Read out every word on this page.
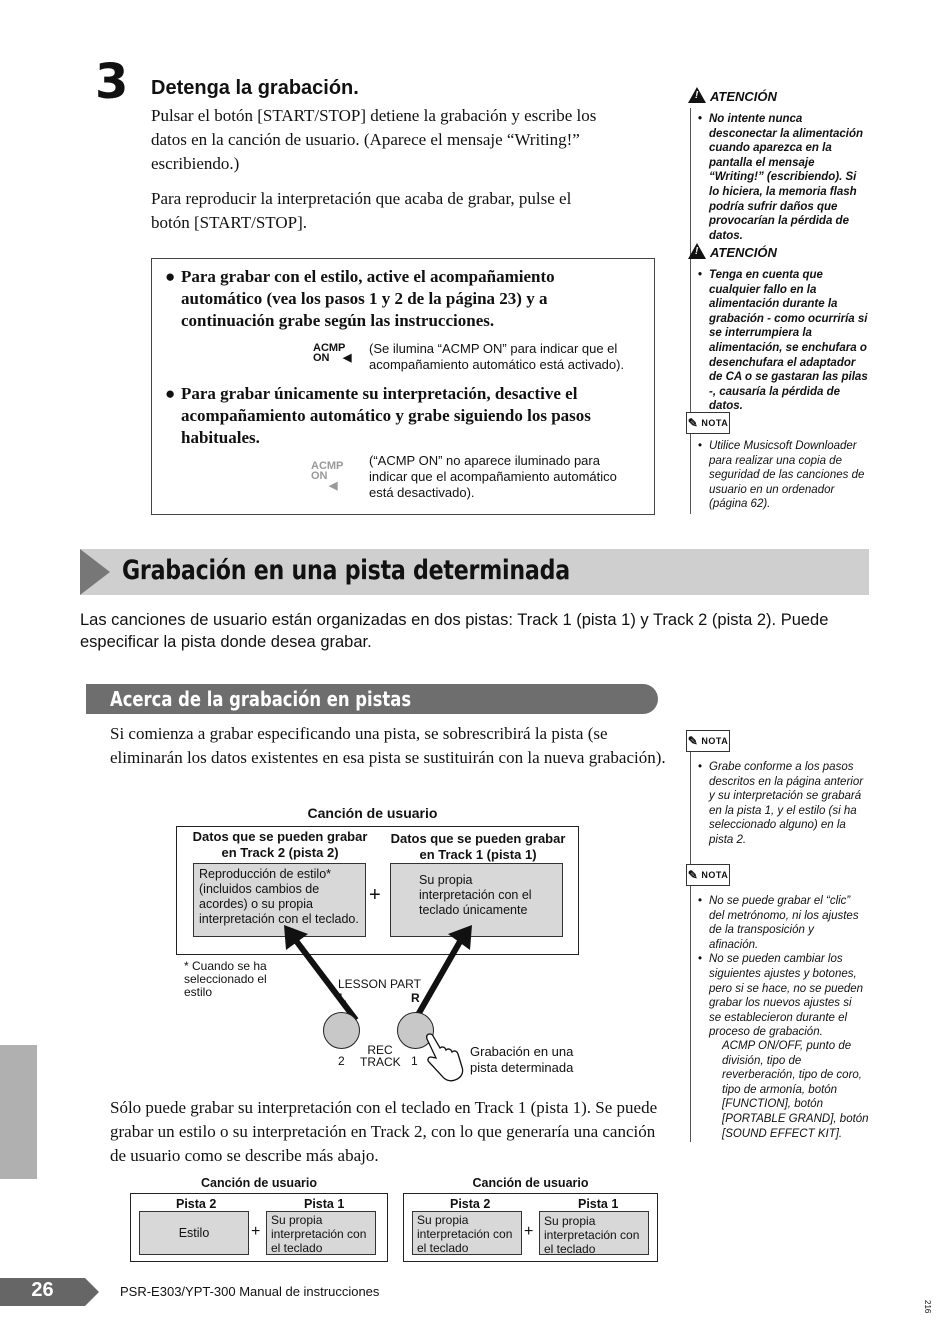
3 Detenga la grabación.
Pulsar el botón [START/STOP] detiene la grabación y escribe los datos en la canción de usuario. (Aparece el mensaje “Writing!” escribiendo.)
Para reproducir la interpretación que acaba de grabar, pulse el botón [START/STOP].
● Para grabar con el estilo, active el acompañamiento automático (vea los pasos 1 y 2 de la página 23) y a continuación grabe según las instrucciones.
ACMP
ON	◀
(Se ilumina “ACMP ON” para indicar que el acompañamiento automático está activado).
● Para grabar únicamente su interpretación, desactive el acompañamiento automático y grabe siguiendo los pasos habituales.
ACMP
ON
◀
(“ACMP ON” no aparece iluminado para indicar que el acompañamiento automático está desactivado).
!ATENCIÓN
• No intente nunca desconectar la alimentación cuando aparezca en la pantalla el mensaje “Writing!” (escribiendo). Si lo hiciera, la memoria flash podría sufrir daños que provocarían la pérdida de datos.
!ATENCIÓN
• Tenga en cuenta que cualquier fallo en la alimentación durante la grabación - como ocurriría si se interrumpiera la alimentación, se enchufara o desenchufara el adaptador de CA o se gastaran las pilas -, causaría la pérdida de datos.
✎ NOTA
• Utilice Musicsoft Downloader para realizar una copia de seguridad de las canciones de usuario en un ordenador (página 62).
Grabación en una pista determinada
Las canciones de usuario están organizadas en dos pistas: Track 1 (pista 1) y Track 2 (pista 2). Puede especificar la pista donde desea grabar.
Acerca de la grabación en pistas
Si comienza a grabar especificando una pista, se sobrescribirá la pista (se eliminarán los datos existentes en esa pista se sustituirán con la nueva grabación).
✎ NOTA
• Grabe conforme a los pasos descritos en la página anterior y su interpretación se grabará en la pista 1, y el estilo (si ha seleccionado alguno) en la pista 2.
✎ NOTA
• No se puede grabar el “clic” del metrónomo, ni los ajustes de la transposición y afinación.
• No se pueden cambiar los siguientes ajustes y botones, pero si se hace, no se pueden grabar los nuevos ajustes si se establecieron durante el proceso de grabación.
ACMP ON/OFF, punto de división, tipo de reverberación, tipo de coro, tipo de armonía, botón [FUNCTION], botón [PORTABLE GRAND], botón [SOUND EFFECT KIT].
Canción de usuario
Datos que se pueden grabar en Track 2 (pista 2)
Datos que se pueden grabar en Track 1 (pista 1)
Reproducción de estilo* (incluidos cambios de acordes) o su propia interpretación con el teclado.
+
Su propia interpretación con el teclado únicamente
* Cuando se ha seleccionado el estilo
LESSON PART
L	R
2
REC
TRACK 1
Grabación en una pista determinada
Sólo puede grabar su interpretación con el teclado en Track 1 (pista 1). Se puede grabar un estilo o su interpretación en Track 2, con lo que generaría una canción de usuario como se describe más abajo.
Canción de usuario
Pista 2	Pista 1
Estilo	+
Su propia interpretación con el teclado
Canción de usuario
Pista 2	Pista 1
Su propia interpretación con el teclado
+
Su propia interpretación con el teclado
26	PSR-E303/YPT-300 Manual de instrucciones
216
